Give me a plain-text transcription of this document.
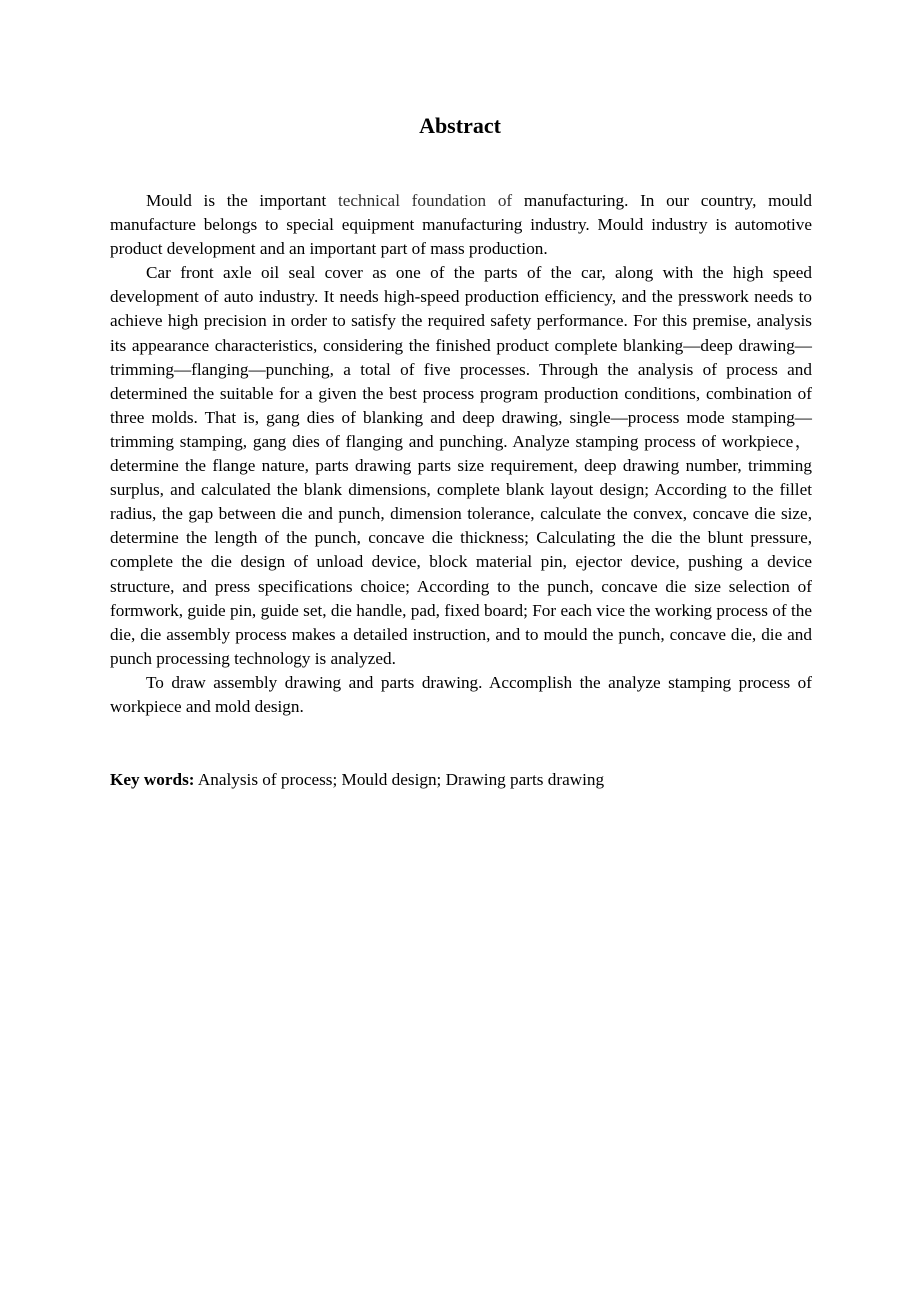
Abstract

Mould is the important technical foundation of manufacturing. In our country, mould manufacture belongs to special equipment manufacturing industry. Mould industry is automotive product development and an important part of mass production.

Car front axle oil seal cover as one of the parts of the car, along with the high speed development of auto industry. It needs high-speed production efficiency, and the presswork needs to achieve high precision in order to satisfy the required safety performance. For this premise, analysis its appearance characteristics, considering the finished product complete blanking—deep drawing—trimming—flanging—punching, a total of five processes. Through the analysis of process and determined the suitable for a given the best process program production conditions, combination of three molds. That is, gang dies of blanking and deep drawing, single—process mode stamping— trimming stamping, gang dies of flanging and punching. Analyze stamping process of workpiece，determine the flange nature, parts drawing parts size requirement, deep drawing number, trimming surplus, and calculated the blank dimensions, complete blank layout design; According to the fillet radius, the gap between die and punch, dimension tolerance, calculate the convex, concave die size, determine the length of the punch, concave die thickness; Calculating the die the blunt pressure, complete the die design of unload device, block material pin, ejector device, pushing a device structure, and press specifications choice; According to the punch, concave die size selection of formwork, guide pin, guide set, die handle, pad, fixed board; For each vice the working process of the die, die assembly process makes a detailed instruction, and to mould the punch, concave die, die and punch processing technology is analyzed.

To draw assembly drawing and parts drawing. Accomplish the analyze stamping process of workpiece and mold design.

Key words: Analysis of process; Mould design; Drawing parts drawing
